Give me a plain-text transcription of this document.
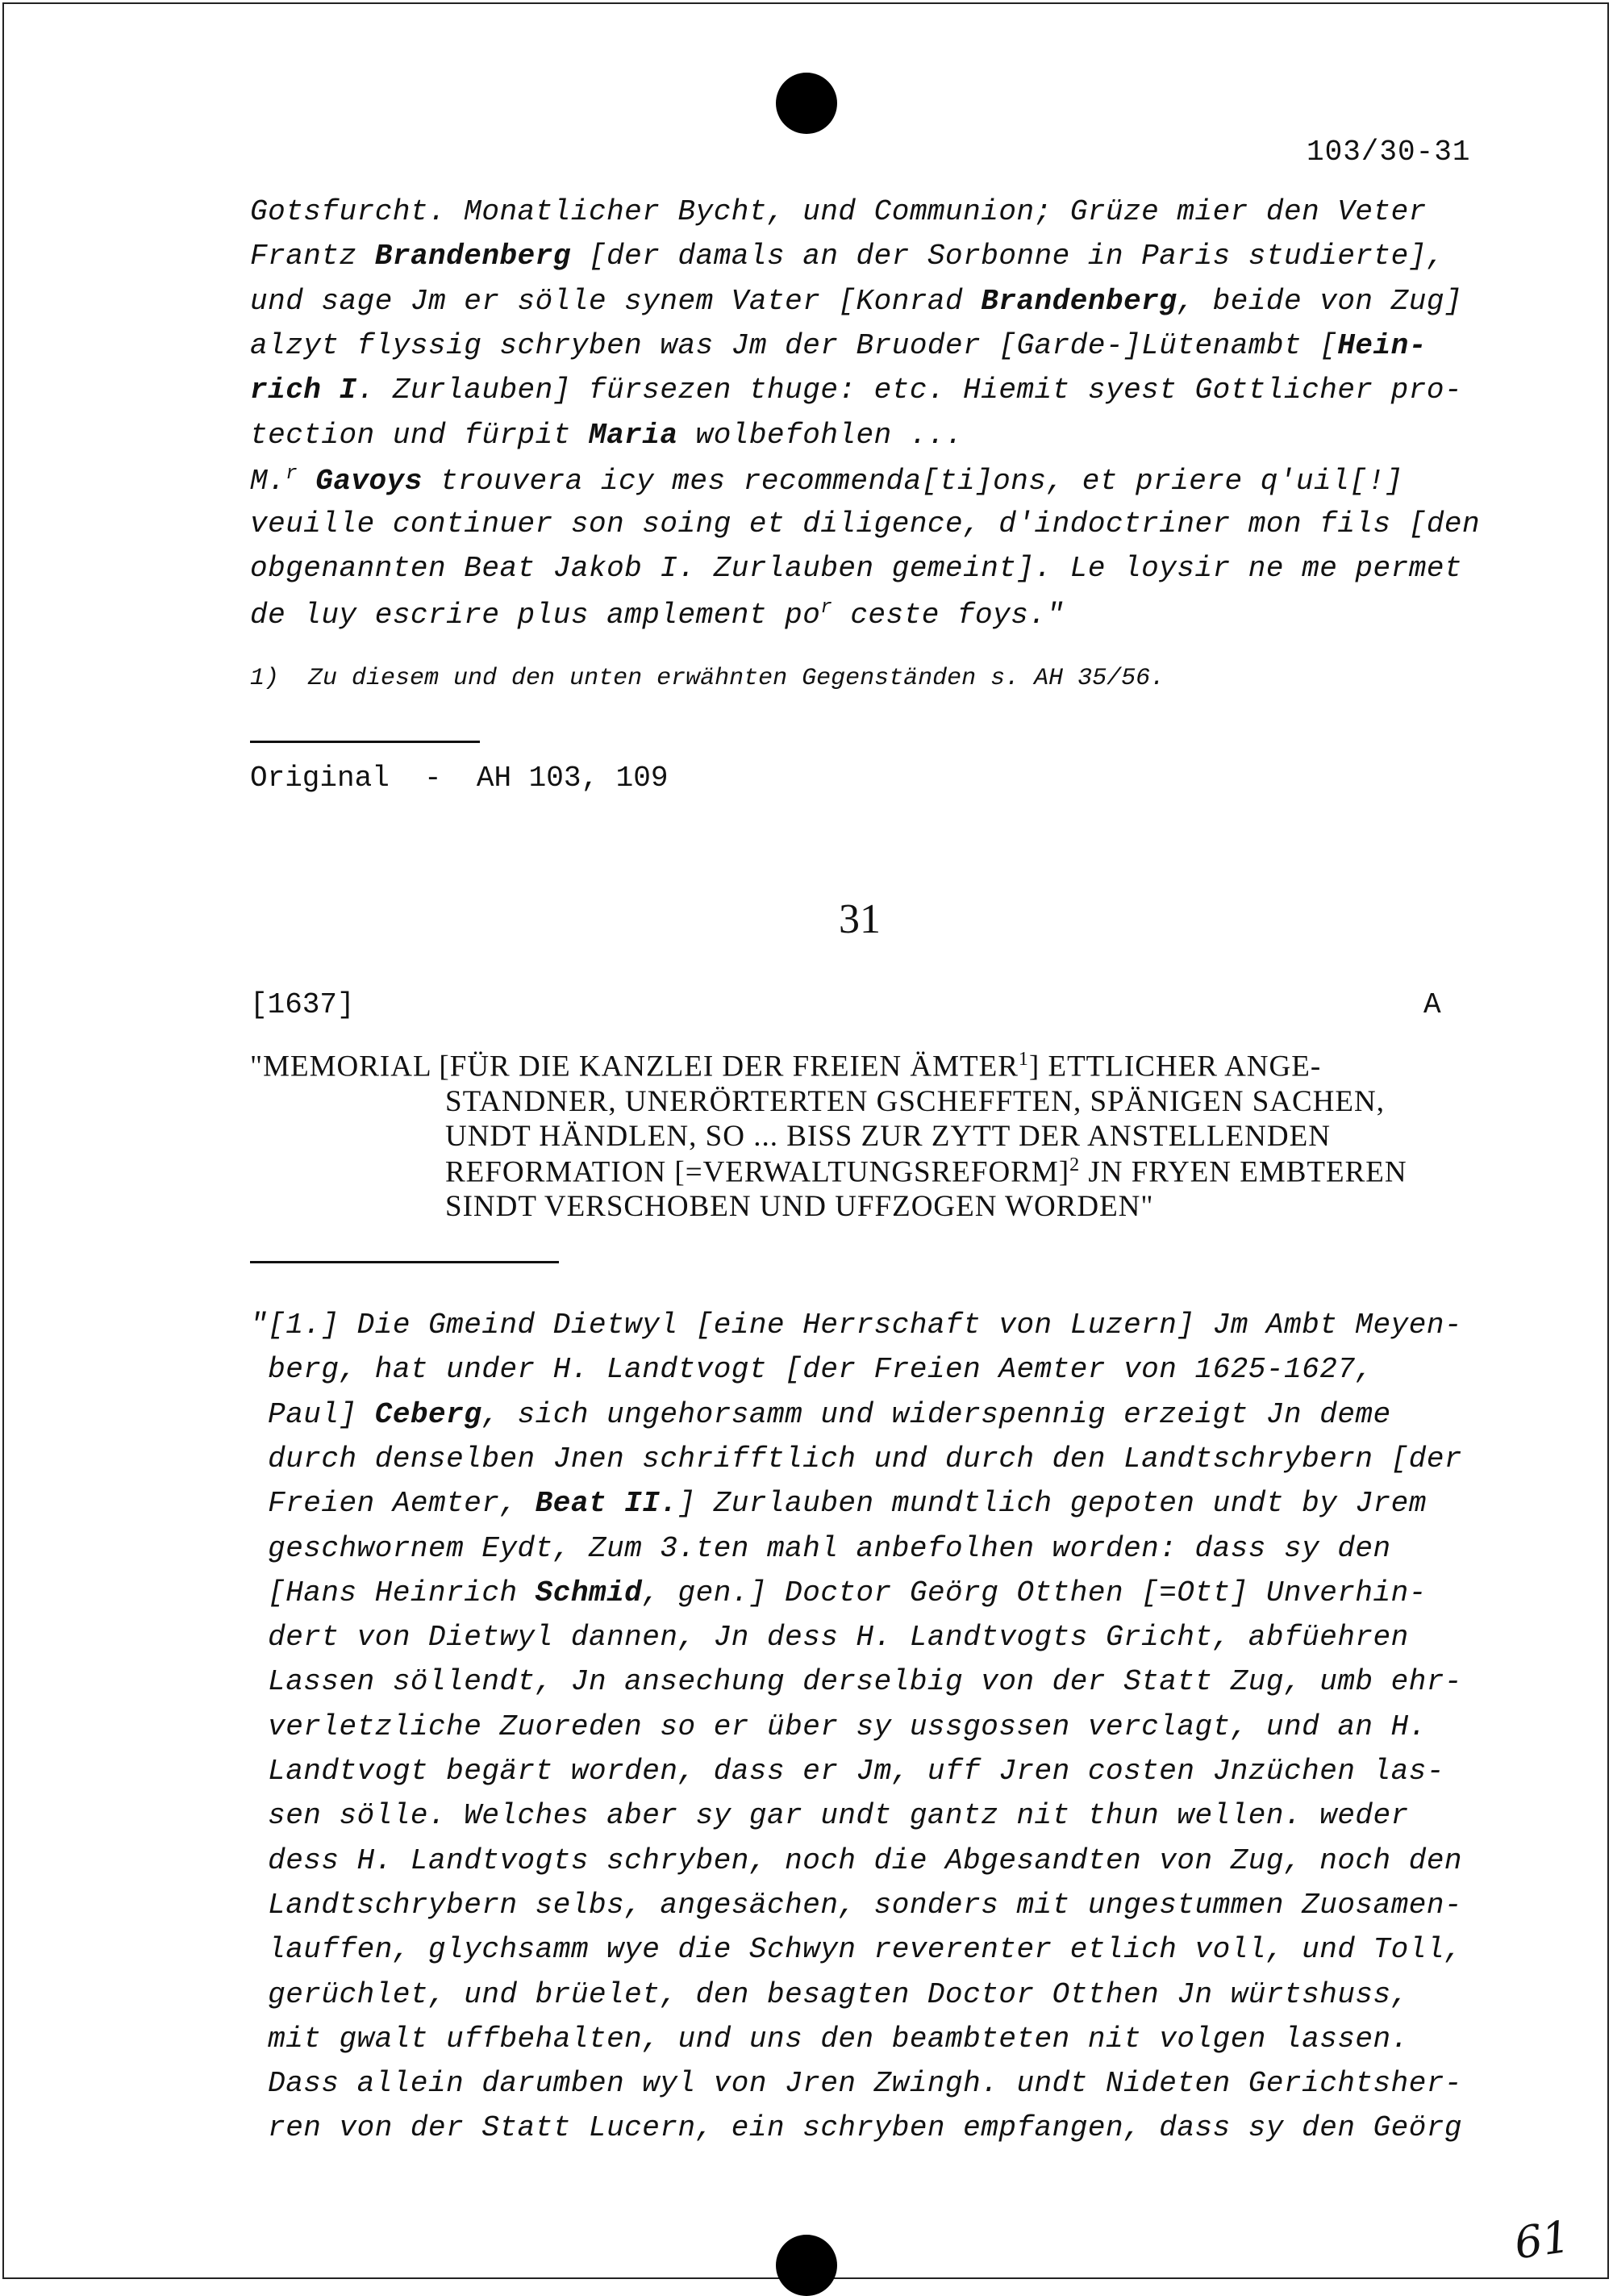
103/30-31
Gotsfurcht. Monatlicher Bycht, und Communion; Grüze mier den Veter
Frantz Brandenberg [der damals an der Sorbonne in Paris studierte],
und sage Jm er sölle synem Vater [Konrad Brandenberg, beide von Zug]
alzyt flyssig schryben was Jm der Bruoder [Garde-]Lütenambt [Hein-
rich I. Zurlauben] fürsezen thuge: etc. Hiemit syest Gottlicher pro-
tection und fürpit Maria wolbefohlen ...
M.$^r$ Gavoys trouvera icy mes recommenda[ti]ons, et priere q'uil[!]
veuille continuer son soing et diligence, d'indoctriner mon fils [den
obgenannten Beat Jakob I. Zurlauben gemeint]. Le loysir ne me permet
de luy escrire plus amplement $po^r$ ceste foys."
1)  Zu diesem und den unten erwähnten Gegenständen s. AH 35/56.
Original  -  AH 103, 109
31
[1637]	A
"MEMORIAL [FÜR DIE KANZLEI DER FREIEN ÄMTER$^1$] ETTLICHER ANGE-
STANDNER, UNERÖRTERTEN GSCHEFFTEN, SPÄNIGEN SACHEN,
UNDT HÄNDLEN, SO ... BISS ZUR ZYTT DER ANSTELLENDEN
REFORMATION [=VERWALTUNGSREFORM]$^2$ JN FRYEN EMBTEREN
SINDT VERSCHOBEN UND UFFZOGEN WORDEN"
"[1.] Die Gmeind Dietwyl [eine Herrschaft von Luzern] Jm Ambt Meyen-
berg, hat under H. Landtvogt [der Freien Aemter von 1625-1627,
Paul] Ceberg, sich ungehorsamm und widerspennig erzeigt Jn deme
durch denselben Jnen schrifftlich und durch den Landtschrybern [der
Freien Aemter, Beat II.] Zurlauben mundtlich gepoten undt by Jrem
geschwornem Eydt, Zum 3.ten mahl anbefolhen worden: dass sy den
[Hans Heinrich Schmid, gen.] Doctor Geörg Otthen [=Ott] Unverhin-
dert von Dietwyl dannen, Jn dess H. Landtvogts Gricht, abfüehren
Lassen söllendt, Jn ansechung derselbig von der Statt Zug, umb ehr-
verletzliche Zuoreden so er über sy ussgossen verclagt, und an H.
Landtvogt begärt worden, dass er Jm, uff Jren costen Jnzüchen las-
sen sölle. Welches aber sy gar undt gantz nit thun wellen. weder
dess H. Landtvogts schryben, noch die Abgesandten von Zug, noch den
Landtschrybern selbs, angesächen, sonders mit ungestummen Zuosamen-
lauffen, glychsamm wye die Schwyn reverenter etlich voll, und Toll,
gerüchlet, und brüelet, den besagten Doctor Otthen Jn würtshuss,
mit gwalt uffbehalten, und uns den beambteten nit volgen lassen.
Dass allein darumben wyl von Jren Zwingh. undt Nideten Gerichtsher-
ren von der Statt Lucern, ein schryben empfangen, dass sy den Geörg
61
